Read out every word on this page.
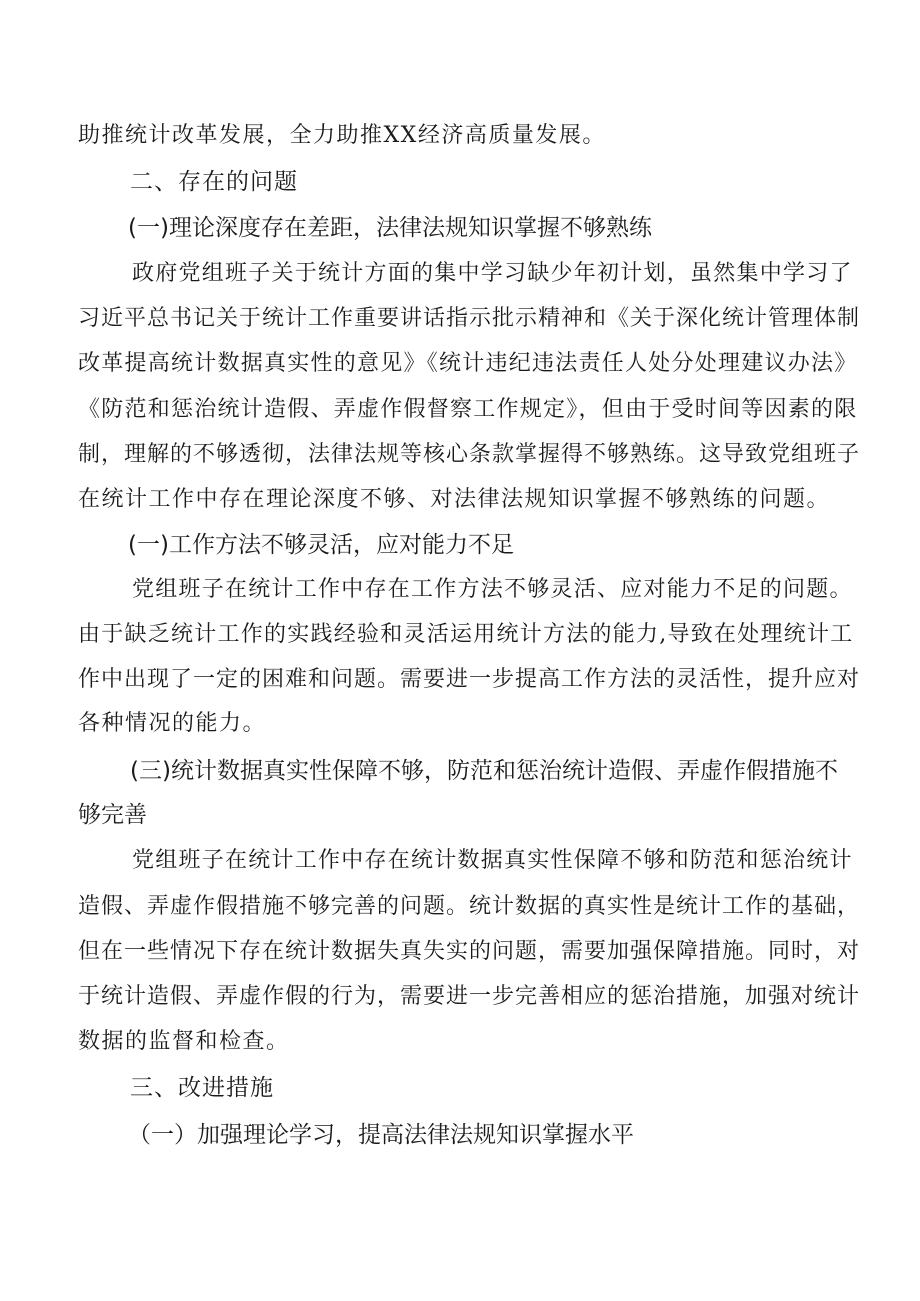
助推统计改革发展，全力助推XX经济高质量发展。
二、存在的问题
(一)理论深度存在差距，法律法规知识掌握不够熟练
政府党组班子关于统计方面的集中学习缺少年初计划，虽然集中学习了
习近平总书记关于统计工作重要讲话指示批示精神和《关于深化统计管理体制
改革提高统计数据真实性的意见》《统计违纪违法责任人处分处理建议办法》
《防范和惩治统计造假、弄虚作假督察工作规定》，但由于受时间等因素的限
制，理解的不够透彻，法律法规等核心条款掌握得不够熟练。这导致党组班子
在统计工作中存在理论深度不够、对法律法规知识掌握不够熟练的问题。
(一)工作方法不够灵活，应对能力不足
党组班子在统计工作中存在工作方法不够灵活、应对能力不足的问题。
由于缺乏统计工作的实践经验和灵活运用统计方法的能力,导致在处理统计工
作中出现了一定的困难和问题。需要进一步提高工作方法的灵活性，提升应对
各种情况的能力。
(三)统计数据真实性保障不够，防范和惩治统计造假、弄虚作假措施不
够完善
党组班子在统计工作中存在统计数据真实性保障不够和防范和惩治统计
造假、弄虚作假措施不够完善的问题。统计数据的真实性是统计工作的基础，
但在一些情况下存在统计数据失真失实的问题，需要加强保障措施。同时，对
于统计造假、弄虚作假的行为，需要进一步完善相应的惩治措施，加强对统计
数据的监督和检查。
三、改进措施
（一）加强理论学习，提高法律法规知识掌握水平
